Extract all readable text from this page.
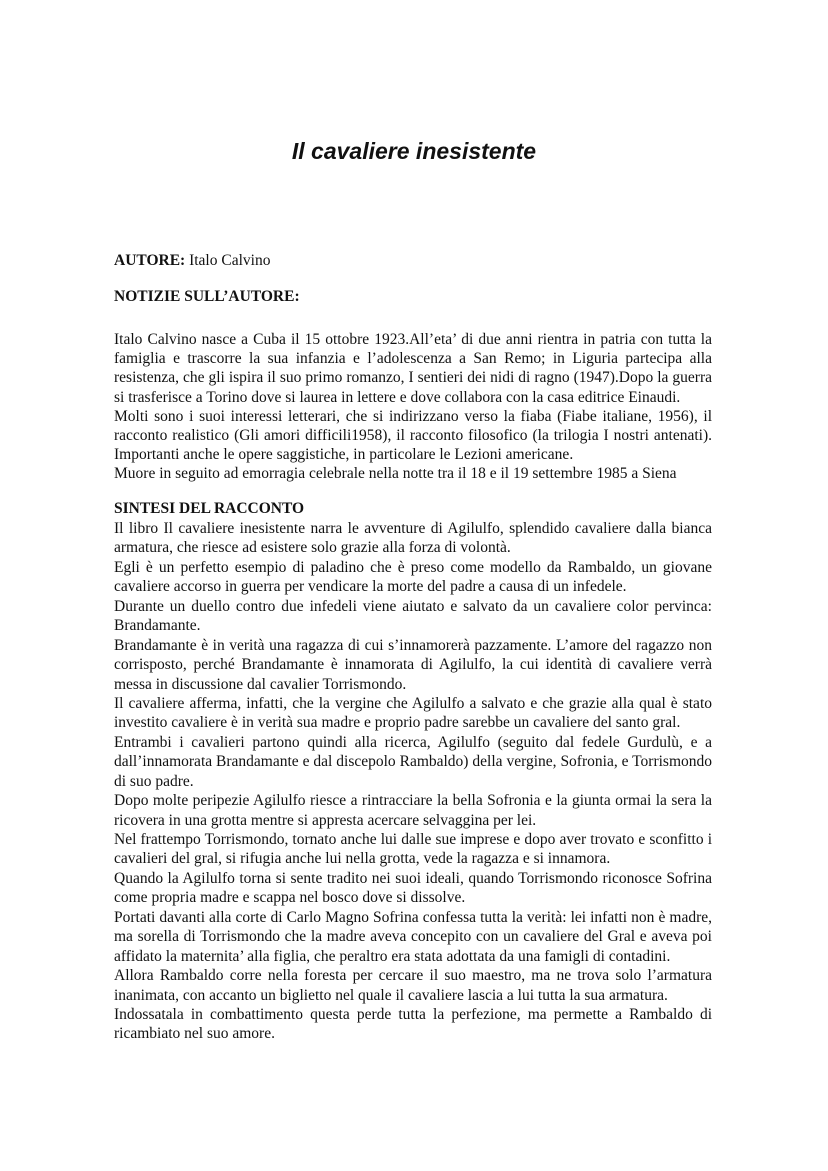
Il cavaliere inesistente
AUTORE: Italo Calvino
NOTIZIE SULL’AUTORE:
Italo Calvino nasce a Cuba il 15 ottobre 1923.All’eta’ di due anni rientra in patria con tutta la
famiglia e trascorre la sua infanzia e l’adolescenza a San Remo; in Liguria partecipa alla
resistenza, che gli ispira il suo primo romanzo, I sentieri dei nidi di ragno (1947).Dopo la guerra
si trasferisce a Torino dove si laurea in lettere e dove collabora con la casa editrice Einaudi.
Molti sono i suoi interessi letterari, che si indirizzano verso la fiaba (Fiabe italiane, 1956), il
racconto realistico (Gli amori difficili1958), il racconto filosofico (la trilogia I nostri antenati).
Importanti anche le opere saggistiche, in particolare le Lezioni americane.
Muore in seguito ad emorragia celebrale nella notte tra il 18 e il 19 settembre 1985 a Siena
SINTESI DEL RACCONTO
Il libro Il cavaliere inesistente narra le avventure di Agilulfo, splendido cavaliere dalla bianca
armatura, che riesce ad esistere solo grazie alla forza di volontà.
Egli è un perfetto esempio di paladino che è preso come modello da Rambaldo, un giovane
cavaliere accorso in guerra per vendicare la morte del padre a causa di un infedele.
Durante un duello contro due infedeli viene aiutato e salvato da un cavaliere color pervinca:
Brandamante.
Brandamante è in verità una ragazza di cui s’innamorerà pazzamente. L’amore del ragazzo non
corrisposto, perché Brandamante è innamorata di Agilulfo, la cui identità di cavaliere verrà
messa in discussione dal cavalier Torrismondo.
Il cavaliere afferma, infatti, che la vergine che Agilulfo a salvato e che grazie alla qual è stato
investito cavaliere è in verità sua madre e proprio padre sarebbe un cavaliere del santo gral.
Entrambi i cavalieri partono quindi alla ricerca, Agilulfo (seguito dal fedele Gurdulù, e a
dall’innamorata Brandamante e dal discepolo Rambaldo) della vergine, Sofronia, e Torrismondo
di suo padre.
Dopo molte peripezie Agilulfo riesce a rintracciare la bella Sofronia e la giunta ormai la sera la
ricovera in una grotta mentre si appresta acercare selvaggina per lei.
Nel frattempo Torrismondo, tornato anche lui dalle sue imprese e dopo aver trovato e sconfitto i
cavalieri del gral, si rifugia anche lui nella grotta, vede la ragazza e si innamora.
Quando la Agilulfo torna si sente tradito nei suoi ideali, quando Torrismondo riconosce Sofrina
come propria madre e scappa nel bosco dove si dissolve.
Portati davanti alla corte di Carlo Magno Sofrina confessa tutta la verità: lei infatti non è madre,
ma sorella di Torrismondo che la madre aveva concepito con un cavaliere del Gral e aveva poi
affidato la maternita’ alla figlia, che peraltro era stata adottata da una famigli di contadini.
Allora Rambaldo corre nella foresta per cercare il suo maestro, ma ne trova solo l’armatura
inanimata, con accanto un biglietto nel quale il cavaliere lascia a lui tutta la sua armatura.
Indossatala in combattimento questa perde tutta la perfezione, ma permette a Rambaldo di
ricambiato nel suo amore.
